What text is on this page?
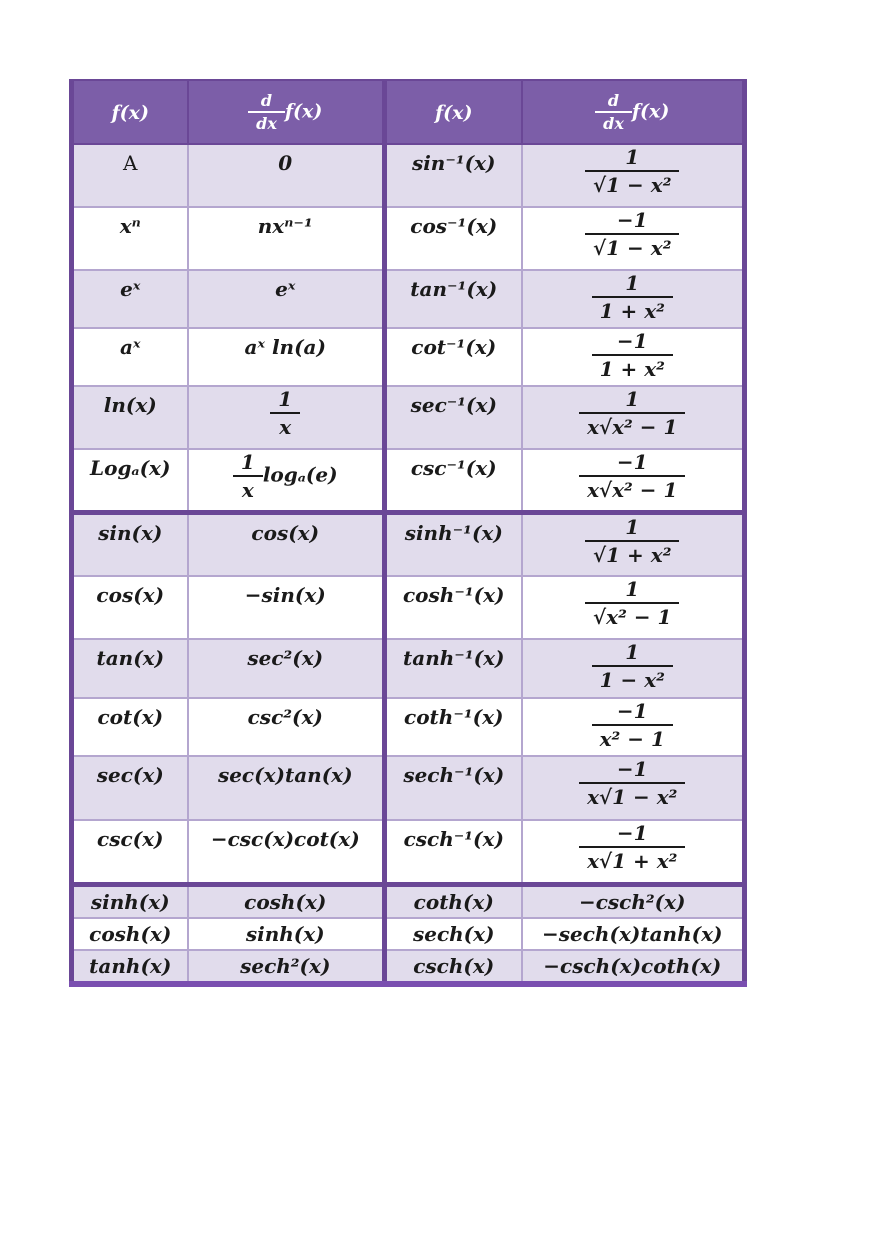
f(x)	$\frac{d}{dx} f(x)$	f(x)	$\frac{d}{dx} f(x)$

A	0	sin⁻¹(x)	$\frac{1}{\text{√1 − x²}}$

xⁿ	nxⁿ⁻¹	cos⁻¹(x)	$\frac{-1}{\text{√1 − x²}}$

eˣ	eˣ	tan⁻¹(x)	$\frac{1}{\text{1 + x²}}$

aˣ	aˣ ln(a)	cot⁻¹(x)	$\frac{-1}{\text{1 + x²}}$

ln(x)	$\frac{1}{x}$	sec⁻¹(x)	$\frac{1}{\text{x√x² − 1}}$

Logₐ(x)	$\frac{1}{x} \log_a(e)$	csc⁻¹(x)	$\frac{-1}{\text{x√x² − 1}}$

sin(x)	cos(x)	sinh⁻¹(x)	$\frac{1}{\text{√1 + x²}}$

cos(x)	−sin(x)	cosh⁻¹(x)	$\frac{1}{\text{√x² − 1}}$

tan(x)	sec²(x)	tanh⁻¹(x)	$\frac{1}{\text{1 − x²}}$

cot(x)	csc²(x)	coth⁻¹(x)	$\frac{-1}{\text{x² − 1}}$

sec(x)	sec(x)tan(x)	sech⁻¹(x)	$\frac{-1}{\text{x√1 − x²}}$

csc(x)	−csc(x)cot(x)	csch⁻¹(x)	$\frac{-1}{\text{x√1 + x²}}$

sinh(x)	cosh(x)	coth(x)	−csch²(x)

cosh(x)	sinh(x)	sech(x)	−sech(x)tanh(x)

tanh(x)	sech²(x)	csch(x)	−csch(x)coth(x)
